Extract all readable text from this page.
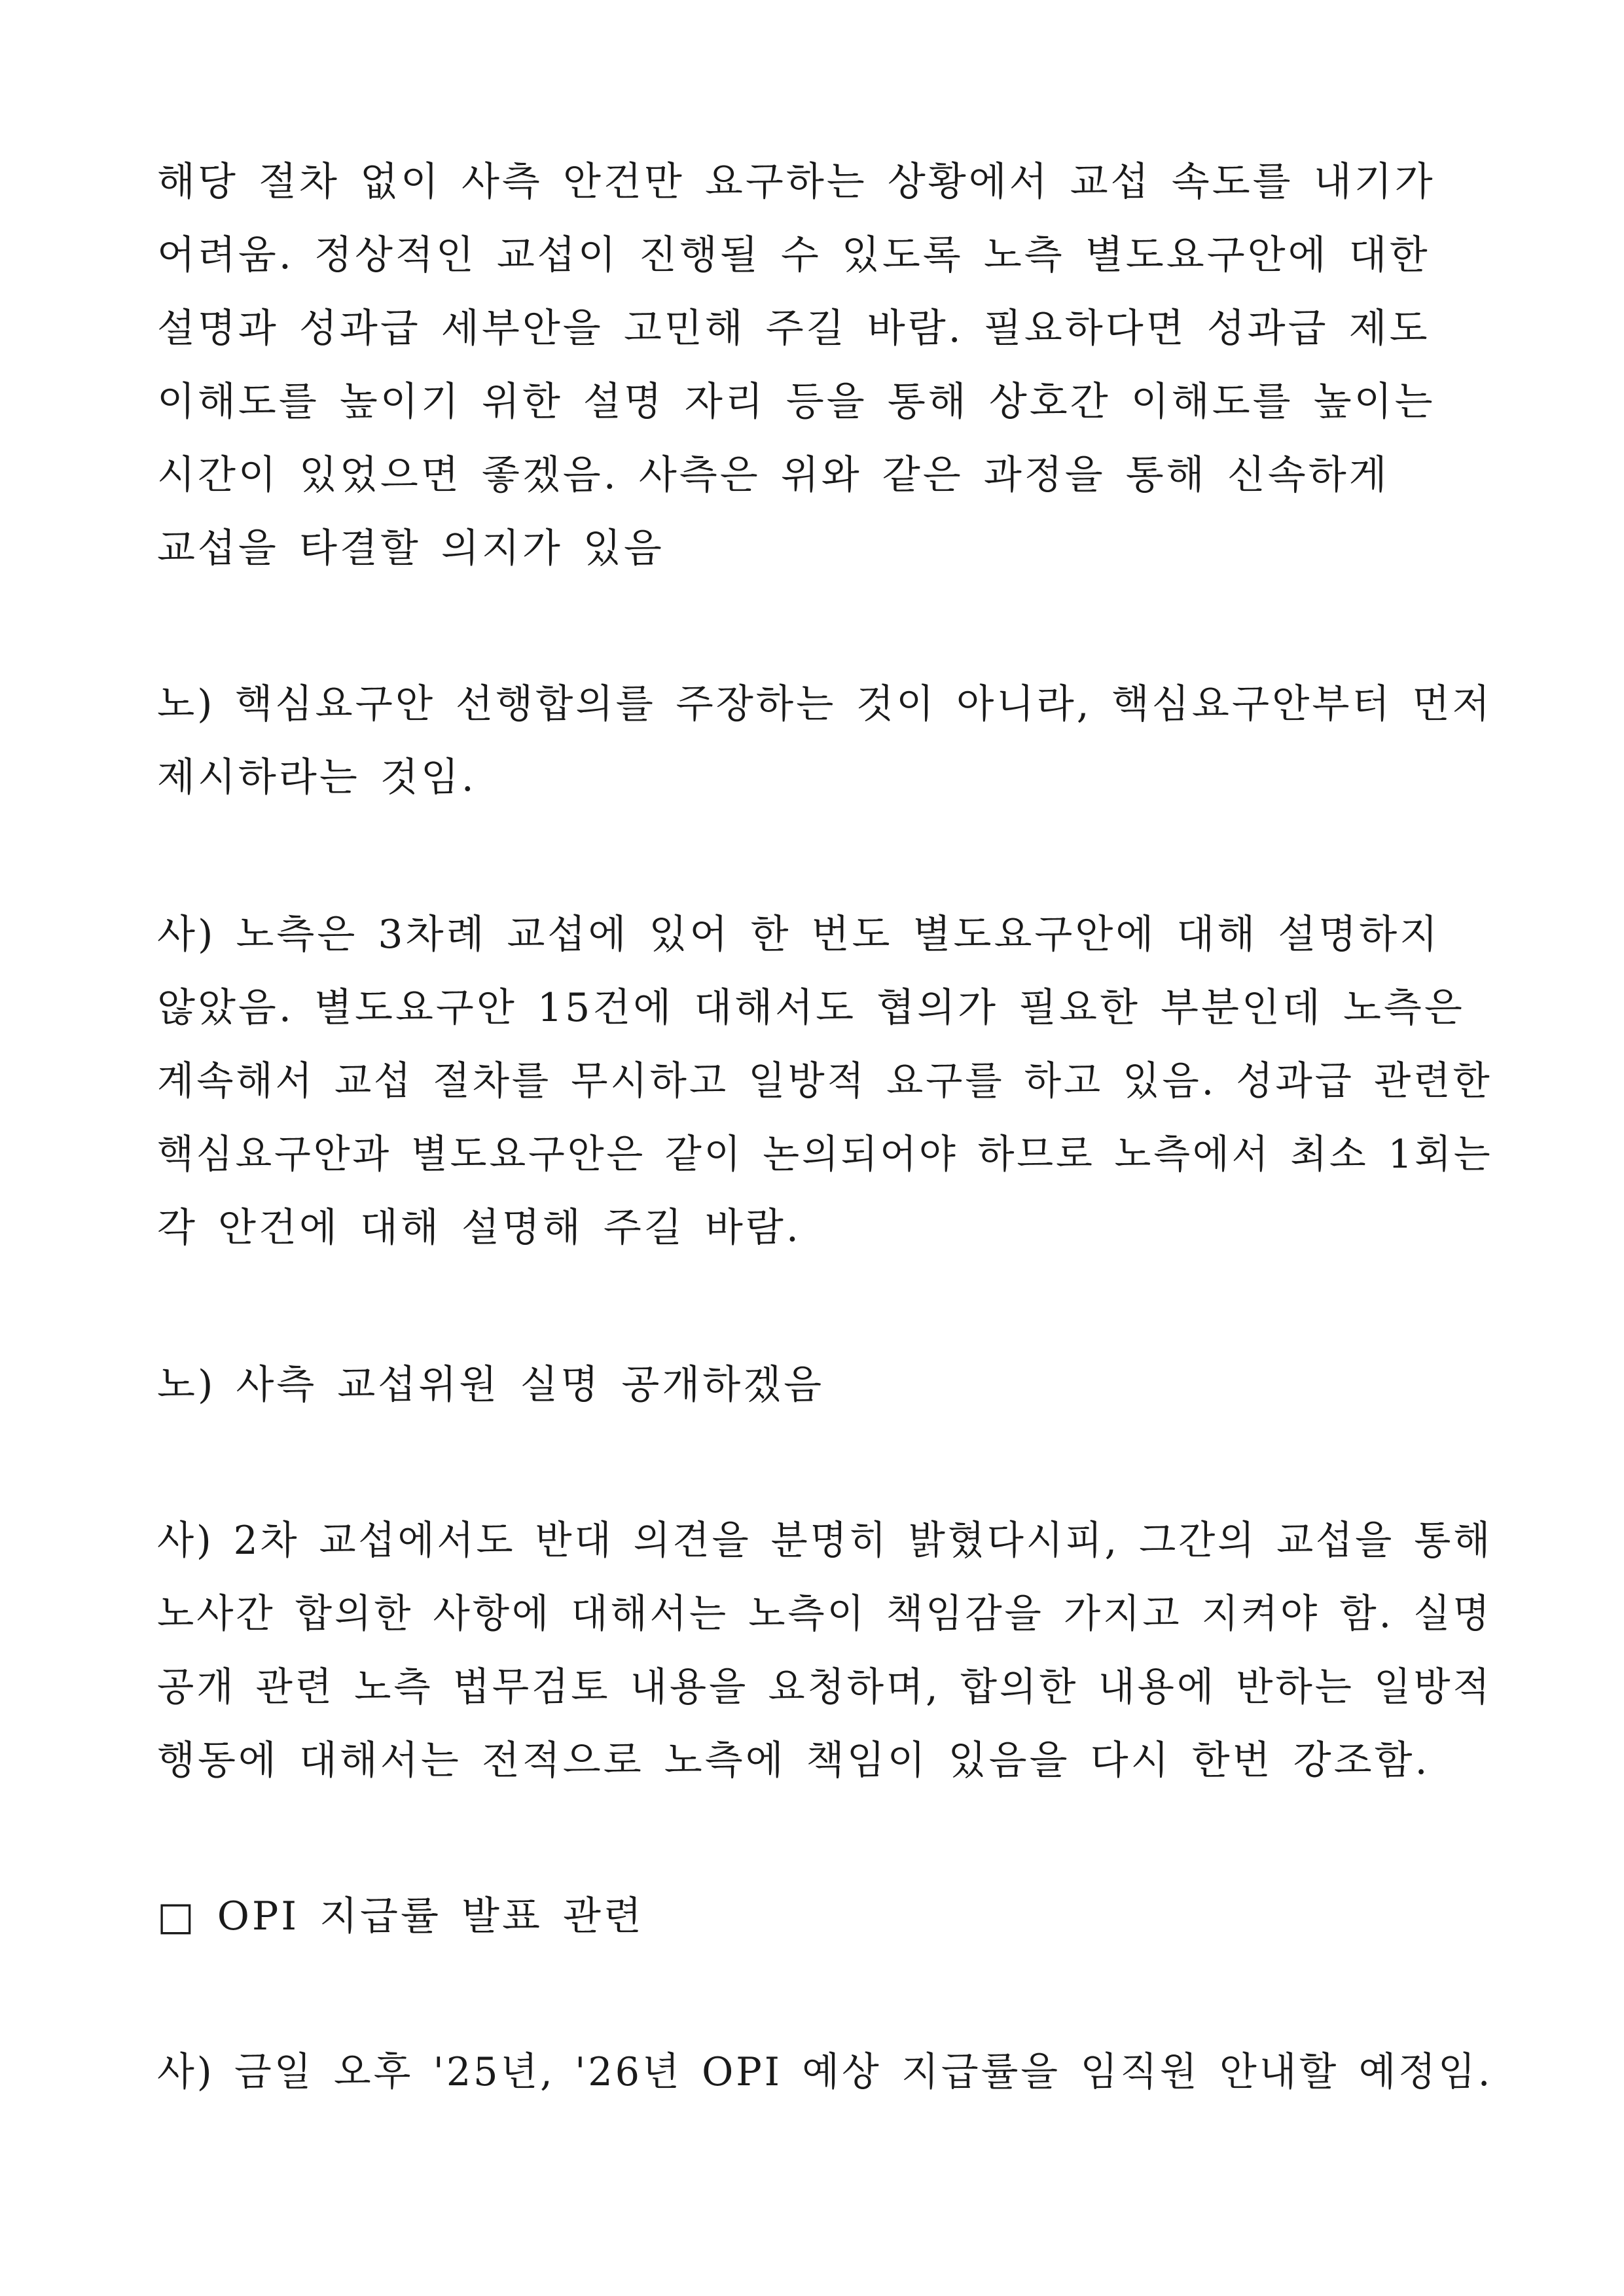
해당 절차 없이 사측 안건만 요구하는 상황에서 교섭 속도를 내기가
어려움. 정상적인 교섭이 진행될 수 있도록 노측 별도요구안에 대한
설명과 성과급 세부안을 고민해 주길 바람. 필요하다면 성과급 제도
이해도를 높이기 위한 설명 자리 등을 통해 상호간 이해도를 높이는
시간이 있었으면 좋겠음. 사측은 위와 같은 과정을 통해 신속하게
교섭을 타결할 의지가 있음
노) 핵심요구안 선행합의를 주장하는 것이 아니라, 핵심요구안부터 먼저
제시하라는 것임.
사) 노측은 3차례 교섭에 있어 한 번도 별도요구안에 대해 설명하지
않았음. 별도요구안 15건에 대해서도 협의가 필요한 부분인데 노측은
계속해서 교섭 절차를 무시하고 일방적 요구를 하고 있음. 성과급 관련한
핵심요구안과 별도요구안은 같이 논의되어야 하므로 노측에서 최소 1회는
각 안건에 대해 설명해 주길 바람.
노) 사측 교섭위원 실명 공개하겠음
사) 2차 교섭에서도 반대 의견을 분명히 밝혔다시피, 그간의 교섭을 통해
노사간 합의한 사항에 대해서는 노측이 책임감을 가지고 지켜야 함. 실명
공개 관련 노측 법무검토 내용을 요청하며, 합의한 내용에 반하는 일방적
행동에 대해서는 전적으로 노측에 책임이 있음을 다시 한번 강조함.
□ OPI 지급률 발표 관련
사) 금일 오후 '25년, '26년 OPI 예상 지급률을 임직원 안내할 예정임.
